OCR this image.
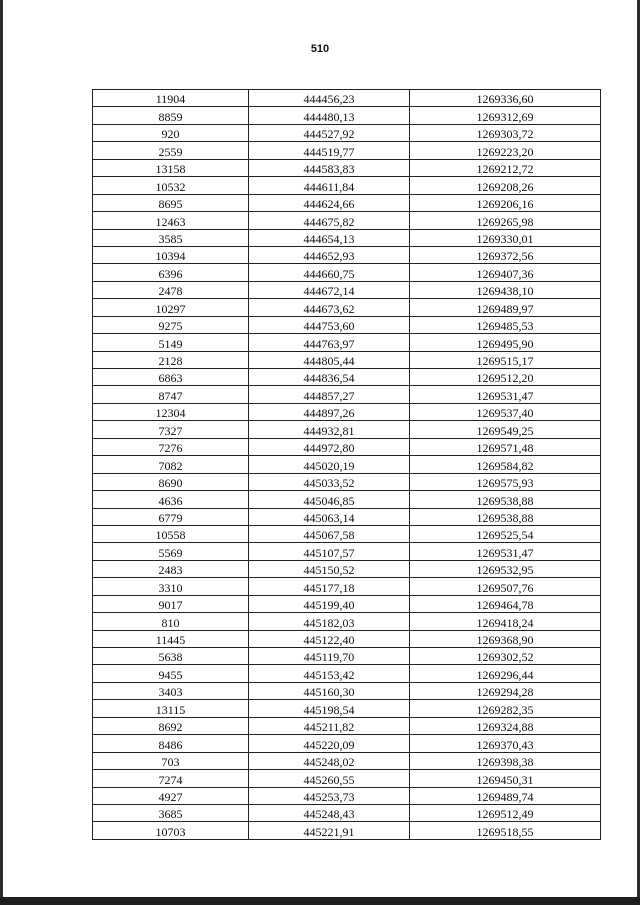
510
11904	444456,23	1269336,60
8859	444480,13	1269312,69
920	444527,92	1269303,72
2559	444519,77	1269223,20
13158	444583,83	1269212,72
10532	444611,84	1269208,26
8695	444624,66	1269206,16
12463	444675,82	1269265,98
3585	444654,13	1269330,01
10394	444652,93	1269372,56
6396	444660,75	1269407,36
2478	444672,14	1269438,10
10297	444673,62	1269489,97
9275	444753,60	1269485,53
5149	444763,97	1269495,90
2128	444805,44	1269515,17
6863	444836,54	1269512,20
8747	444857,27	1269531,47
12304	444897,26	1269537,40
7327	444932,81	1269549,25
7276	444972,80	1269571,48
7082	445020,19	1269584,82
8690	445033,52	1269575,93
4636	445046,85	1269538,88
6779	445063,14	1269538,88
10558	445067,58	1269525,54
5569	445107,57	1269531,47
2483	445150,52	1269532,95
3310	445177,18	1269507,76
9017	445199,40	1269464,78
810	445182,03	1269418,24
11445	445122,40	1269368,90
5638	445119,70	1269302,52
9455	445153,42	1269296,44
3403	445160,30	1269294,28
13115	445198,54	1269282,35
8692	445211,82	1269324,88
8486	445220,09	1269370,43
703	445248,02	1269398,38
7274	445260,55	1269450,31
4927	445253,73	1269489,74
3685	445248,43	1269512,49
10703	445221,91	1269518,55
